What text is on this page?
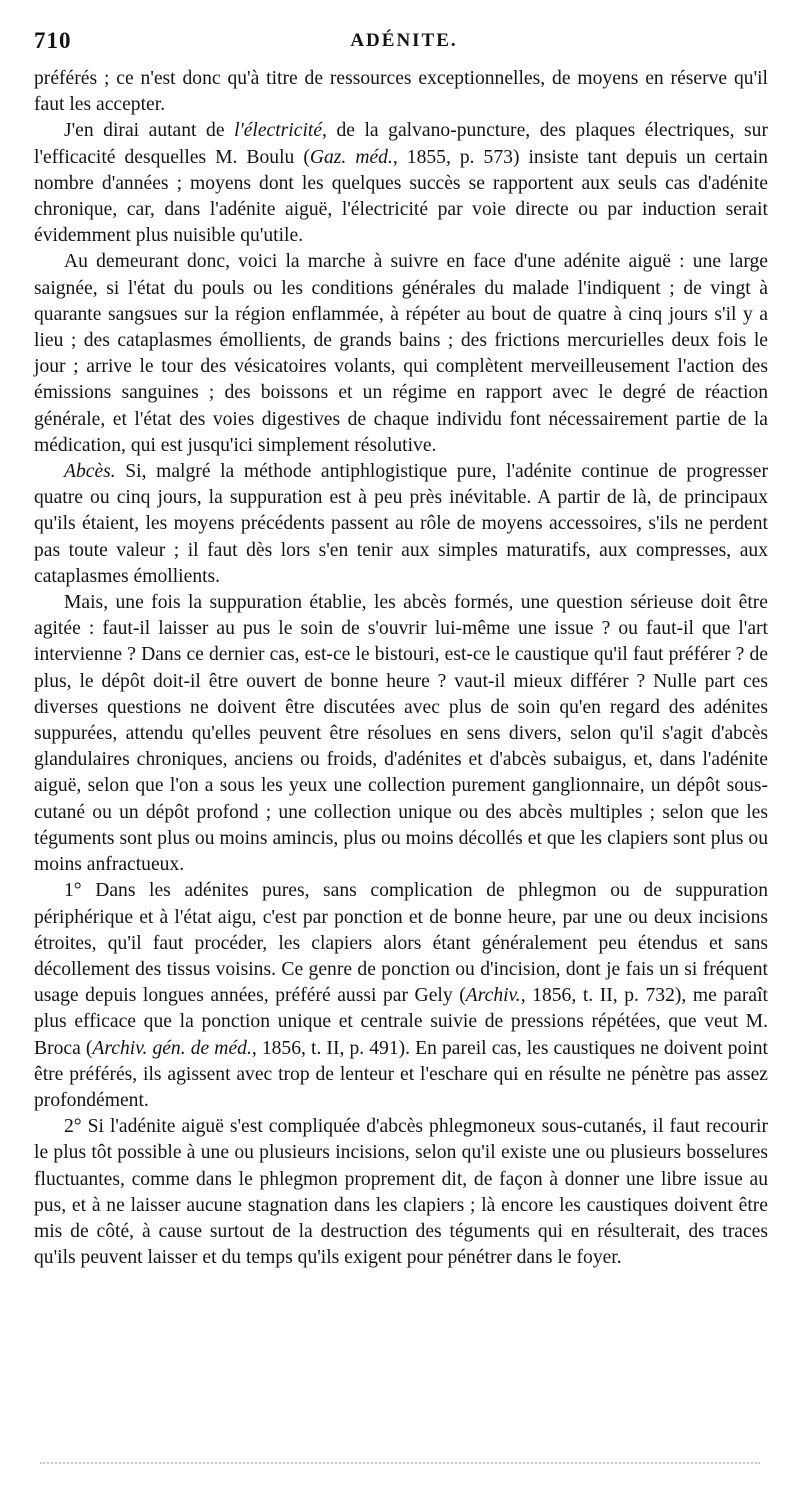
710	ADÉNITE.

préférés ; ce n'est donc qu'à titre de ressources exceptionnelles, de moyens en réserve qu'il faut les accepter.

J'en dirai autant de l'électricité, de la galvano-puncture, des plaques électriques, sur l'efficacité desquelles M. Boulu (Gaz. méd., 1855, p. 573) insiste tant depuis un certain nombre d'années ; moyens dont les quelques succès se rapportent aux seuls cas d'adénite chronique, car, dans l'adénite aiguë, l'électricité par voie directe ou par induction serait évidemment plus nuisible qu'utile.

Au demeurant donc, voici la marche à suivre en face d'une adénite aiguë : une large saignée, si l'état du pouls ou les conditions générales du malade l'indiquent ; de vingt à quarante sangsues sur la région enflammée, à répéter au bout de quatre à cinq jours s'il y a lieu ; des cataplasmes émollients, de grands bains ; des frictions mercurielles deux fois le jour ; arrive le tour des vésicatoires volants, qui complètent merveilleusement l'action des émissions sanguines ; des boissons et un régime en rapport avec le degré de réaction générale, et l'état des voies digestives de chaque individu font nécessairement partie de la médication, qui est jusqu'ici simplement résolutive.

Abcès. Si, malgré la méthode antiphlogistique pure, l'adénite continue de progresser quatre ou cinq jours, la suppuration est à peu près inévitable. A partir de là, de principaux qu'ils étaient, les moyens précédents passent au rôle de moyens accessoires, s'ils ne perdent pas toute valeur ; il faut dès lors s'en tenir aux simples maturatifs, aux compresses, aux cataplasmes émollients.

Mais, une fois la suppuration établie, les abcès formés, une question sérieuse doit être agitée : faut-il laisser au pus le soin de s'ouvrir lui-même une issue ? ou faut-il que l'art intervienne ? Dans ce dernier cas, est-ce le bistouri, est-ce le caustique qu'il faut préférer ? de plus, le dépôt doit-il être ouvert de bonne heure ? vaut-il mieux différer ? Nulle part ces diverses questions ne doivent être discutées avec plus de soin qu'en regard des adénites suppurées, attendu qu'elles peuvent être résolues en sens divers, selon qu'il s'agit d'abcès glandulaires chroniques, anciens ou froids, d'adénites et d'abcès subaigus, et, dans l'adénite aiguë, selon que l'on a sous les yeux une collection purement ganglionnaire, un dépôt sous-cutané ou un dépôt profond ; une collection unique ou des abcès multiples ; selon que les téguments sont plus ou moins amincis, plus ou moins décollés et que les clapiers sont plus ou moins anfractueux.

1° Dans les adénites pures, sans complication de phlegmon ou de suppuration périphérique et à l'état aigu, c'est par ponction et de bonne heure, par une ou deux incisions étroites, qu'il faut procéder, les clapiers alors étant généralement peu étendus et sans décollement des tissus voisins. Ce genre de ponction ou d'incision, dont je fais un si fréquent usage depuis longues années, préféré aussi par Gely (Archiv., 1856, t. II, p. 732), me paraît plus efficace que la ponction unique et centrale suivie de pressions répétées, que veut M. Broca (Archiv. gén. de méd., 1856, t. II, p. 491). En pareil cas, les caustiques ne doivent point être préférés, ils agissent avec trop de lenteur et l'eschare qui en résulte ne pénètre pas assez profondément.

2° Si l'adénite aiguë s'est compliquée d'abcès phlegmoneux sous-cutanés, il faut recourir le plus tôt possible à une ou plusieurs incisions, selon qu'il existe une ou plusieurs bosselures fluctuantes, comme dans le phlegmon proprement dit, de façon à donner une libre issue au pus, et à ne laisser aucune stagnation dans les clapiers ; là encore les caustiques doivent être mis de côté, à cause surtout de la destruction des téguments qui en résulterait, des traces qu'ils peuvent laisser et du temps qu'ils exigent pour pénétrer dans le foyer.
